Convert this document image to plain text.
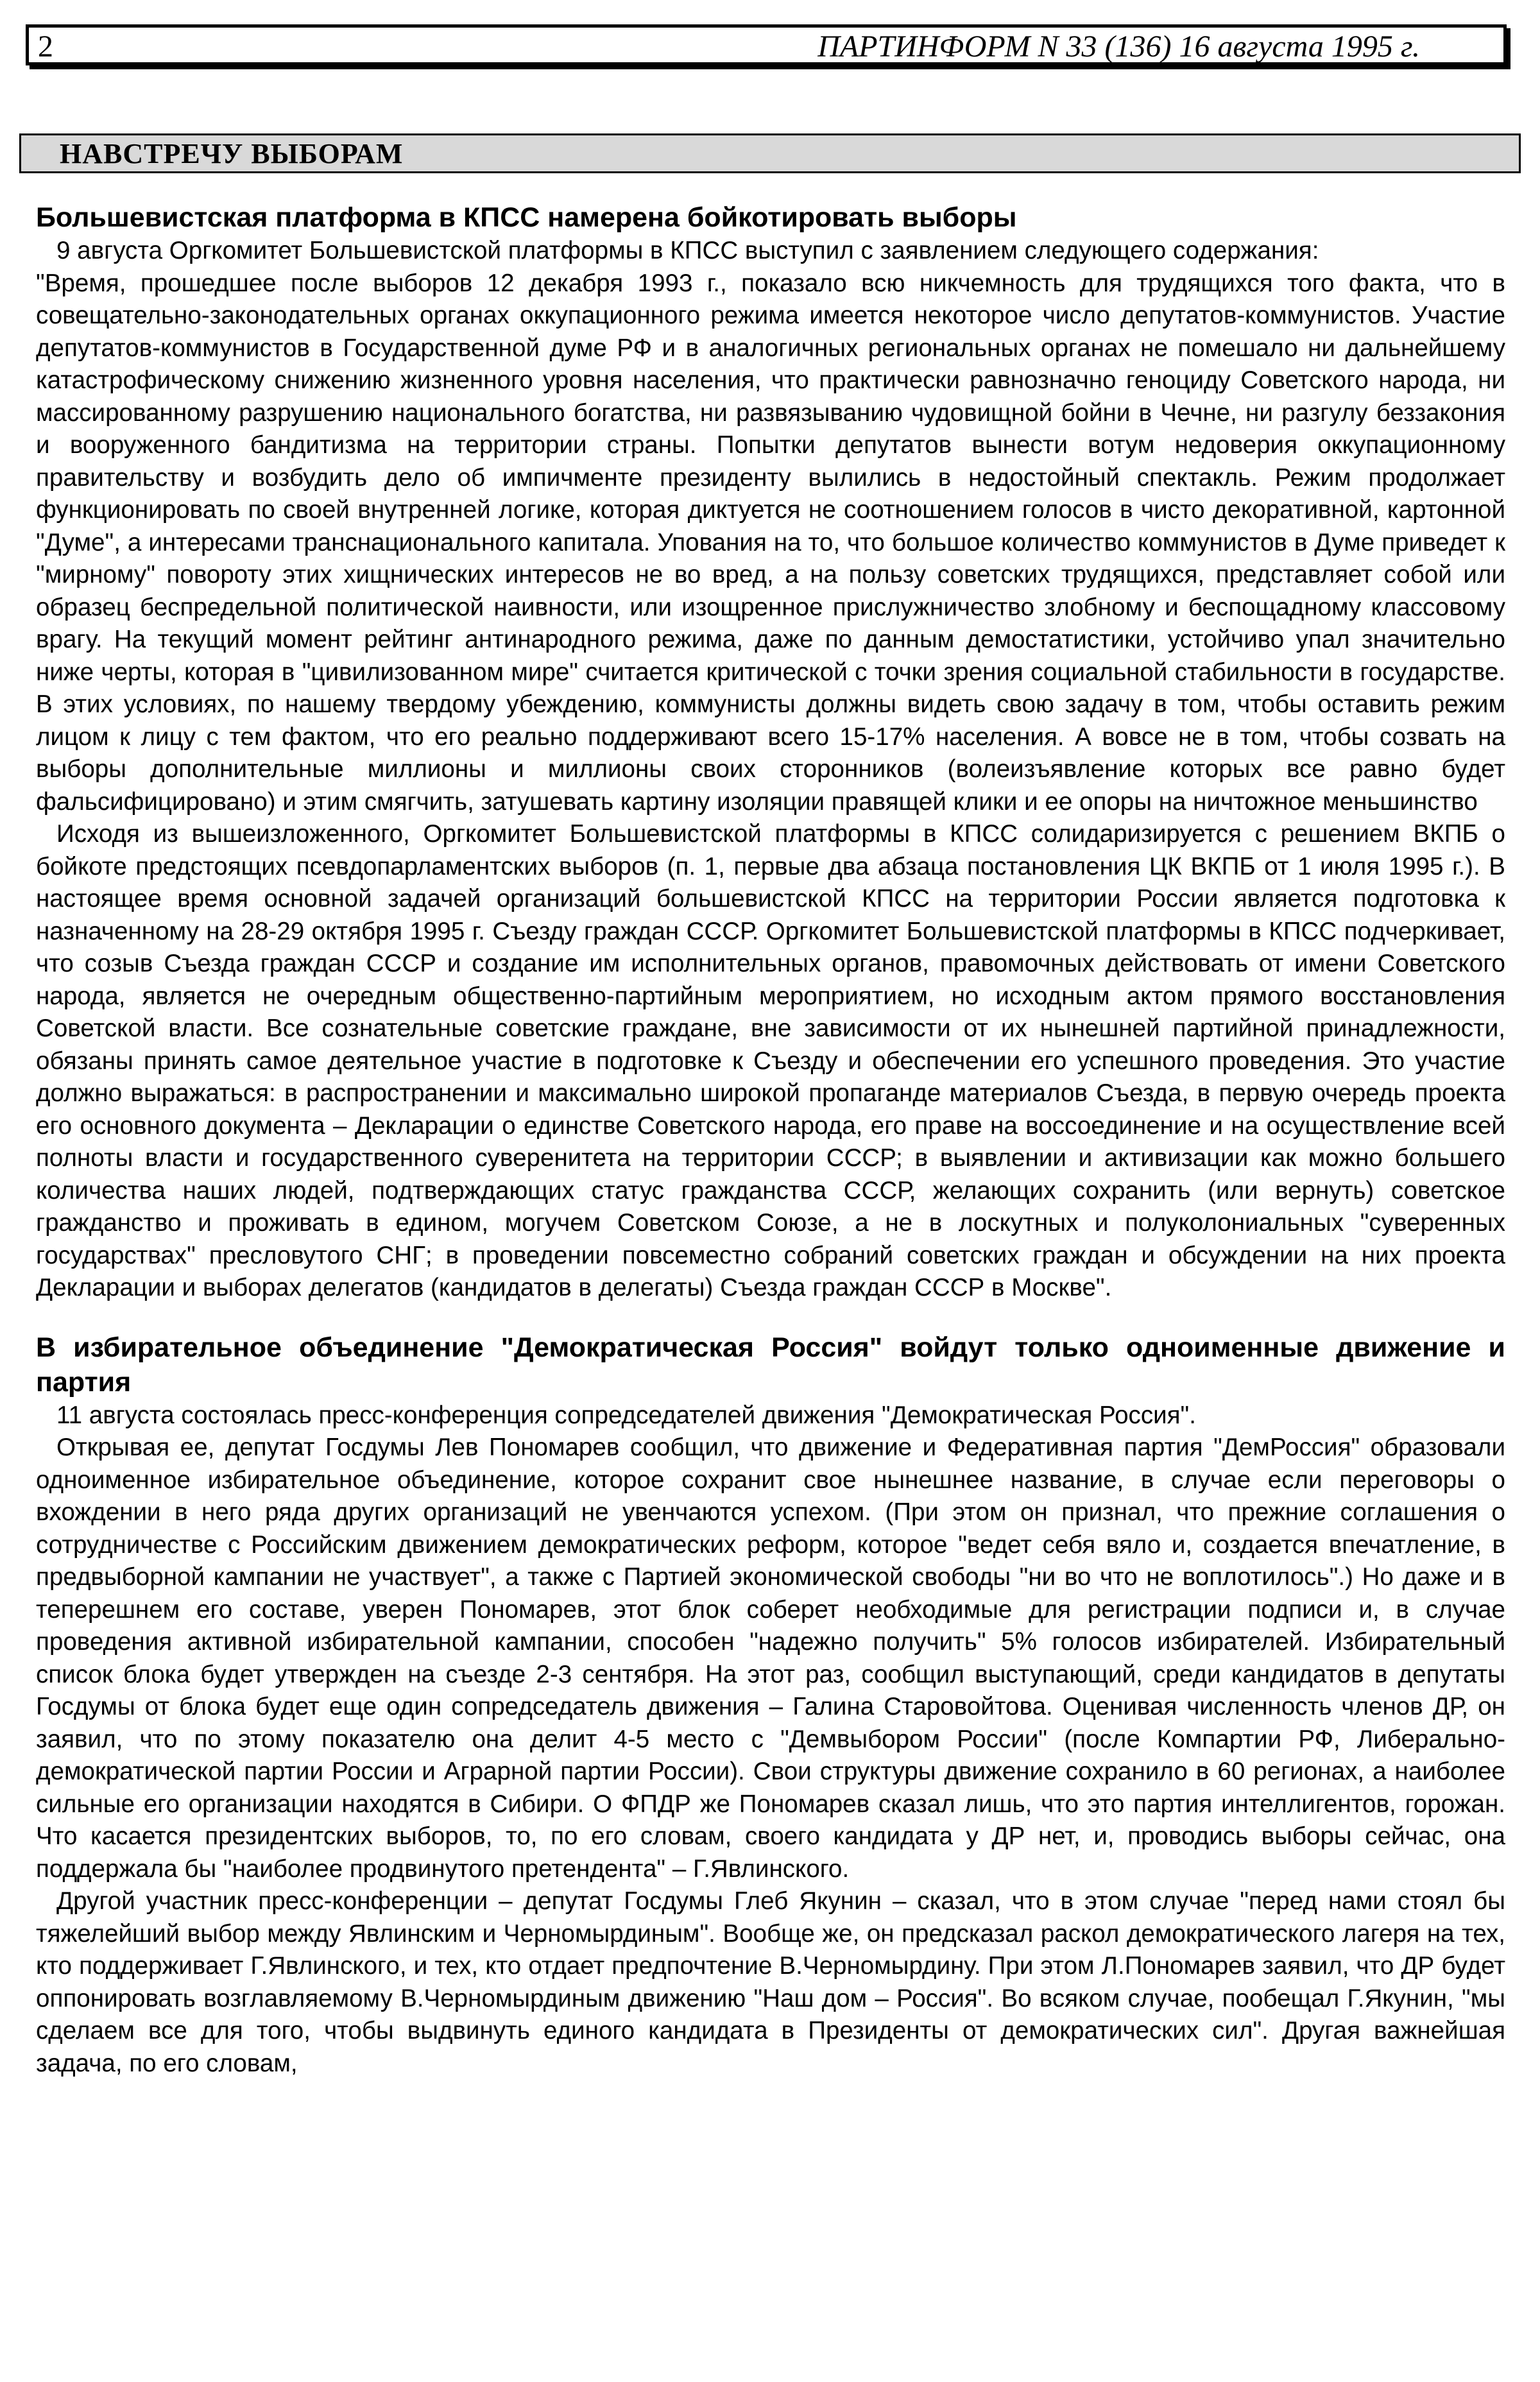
2	ПАРТИНФОРМ N 33 (136) 16 августа 1995 г.
НАВСТРЕЧУ ВЫБОРАМ
Большевистская платформа в КПСС намерена бойкотировать выборы

9 августа Оргкомитет Большевистской платформы в КПСС выступил с заявлением следующего содержания:

"Время, прошедшее после выборов 12 декабря 1993 г., показало всю никчемность для трудящихся того факта, что в совещательно-законодательных органах оккупационного режима имеется некоторое число депутатов-коммунистов. Участие депутатов-коммунистов в Государственной думе РФ и в аналогичных региональных органах не помешало ни дальнейшему катастрофическому снижению жизненного уровня населения, что практически равнозначно геноциду Советского народа, ни массированному разрушению национального богатства, ни развязыванию чудовищной бойни в Чечне, ни разгулу беззакония и вооруженного бандитизма на территории страны. Попытки депутатов вынести вотум недоверия оккупационному правительству и возбудить дело об импичменте президенту вылились в недостойный спектакль. Режим продолжает функционировать по своей внутренней логике, которая диктуется не соотношением голосов в чисто декоративной, картонной "Думе", а интересами транснационального капитала. Упования на то, что большое количество коммунистов в Думе приведет к "мирному" повороту этих хищнических интересов не во вред, а на пользу советских трудящихся, представляет собой или образец беспредельной политической наивности, или изощренное прислужничество злобному и беспощадному классовому врагу. На текущий момент рейтинг антинародного режима, даже по данным демостатистики, устойчиво упал значительно ниже черты, которая в "цивилизованном мире" считается критической с точки зрения социальной стабильности в государстве. В этих условиях, по нашему твердому убеждению, коммунисты должны видеть свою задачу в том, чтобы оставить режим лицом к лицу с тем фактом, что его реально поддерживают всего 15-17% населения. А вовсе не в том, чтобы созвать на выборы дополнительные миллионы и миллионы своих сторонников (волеизъявление которых все равно будет фальсифицировано) и этим смягчить, затушевать картину изоляции правящей клики и ее опоры на ничтожное меньшинство

Исходя из вышеизложенного, Оргкомитет Большевистской платформы в КПСС солидаризируется с решением ВКПБ о бойкоте предстоящих псевдопарламентских выборов (п. 1, первые два абзаца постановления ЦК ВКПБ от 1 июля 1995 г.). В настоящее время основной задачей организаций большевистской КПСС на территории России является подготовка к назначенному на 28-29 октября 1995 г. Съезду граждан СССР. Оргкомитет Большевистской платформы в КПСС подчеркивает, что созыв Съезда граждан СССР и создание им исполнительных органов, правомочных действовать от имени Советского народа, является не очередным общественно-партийным мероприятием, но исходным актом прямого восстановления Советской власти. Все сознательные советские граждане, вне зависимости от их нынешней партийной принадлежности, обязаны принять самое деятельное участие в подготовке к Съезду и обеспечении его успешного проведения. Это участие должно выражаться: в распространении и максимально широкой пропаганде материалов Съезда, в первую очередь проекта его основного документа – Декларации о единстве Советского народа, его праве на воссоединение и на осуществление всей полноты власти и государственного суверенитета на территории СССР; в выявлении и активизации как можно большего количества наших людей, подтверждающих статус гражданства СССР, желающих сохранить (или вернуть) советское гражданство и проживать в едином, могучем Советском Союзе, а не в лоскутных и полуколониальных "суверенных государствах" пресловутого СНГ; в проведении повсеместно собраний советских граждан и обсуждении на них проекта Декларации и выборах делегатов (кандидатов в делегаты) Съезда граждан СССР в Москве".

В избирательное объединение "Демократическая Россия" войдут только одноименные движение и партия

11 августа состоялась пресс-конференция сопредседателей движения "Демократическая Россия".

Открывая ее, депутат Госдумы Лев Пономарев сообщил, что движение и Федеративная партия "ДемРоссия" образовали одноименное избирательное объединение, которое сохранит свое нынешнее название, в случае если переговоры о вхождении в него ряда других организаций не увенчаются успехом. (При этом он признал, что прежние соглашения о сотрудничестве с Российским движением демократических реформ, которое "ведет себя вяло и, создается впечатление, в предвыборной кампании не участвует", а также с Партией экономической свободы "ни во что не воплотилось".) Но даже и в теперешнем его составе, уверен Пономарев, этот блок соберет необходимые для регистрации подписи и, в случае проведения активной избирательной кампании, способен "надежно получить" 5% голосов избирателей. Избирательный список блока будет утвержден на съезде 2-3 сентября. На этот раз, сообщил выступающий, среди кандидатов в депутаты Госдумы от блока будет еще один сопредседатель движения – Галина Старовойтова. Оценивая численность членов ДР, он заявил, что по этому показателю она делит 4-5 место с "Демвыбором России" (после Компартии РФ, Либерально-демократической партии России и Аграрной партии России). Свои структуры движение сохранило в 60 регионах, а наиболее сильные его организации находятся в Сибири. О ФПДР же Пономарев сказал лишь, что это партия интеллигентов, горожан. Что касается президентских выборов, то, по его словам, своего кандидата у ДР нет, и, проводись выборы сейчас, она поддержала бы "наиболее продвинутого претендента" – Г.Явлинского.

Другой участник пресс-конференции – депутат Госдумы Глеб Якунин – сказал, что в этом случае "перед нами стоял бы тяжелейший выбор между Явлинским и Черномырдиным". Вообще же, он предсказал раскол демократического лагеря на тех, кто поддерживает Г.Явлинского, и тех, кто отдает предпочтение В.Черномырдину. При этом Л.Пономарев заявил, что ДР будет оппонировать возглавляемому В.Черномырдиным движению "Наш дом – Россия". Во всяком случае, пообещал Г.Якунин, "мы сделаем все для того, чтобы выдвинуть единого кандидата в Президенты от демократических сил". Другая важнейшая задача, по его словам,
